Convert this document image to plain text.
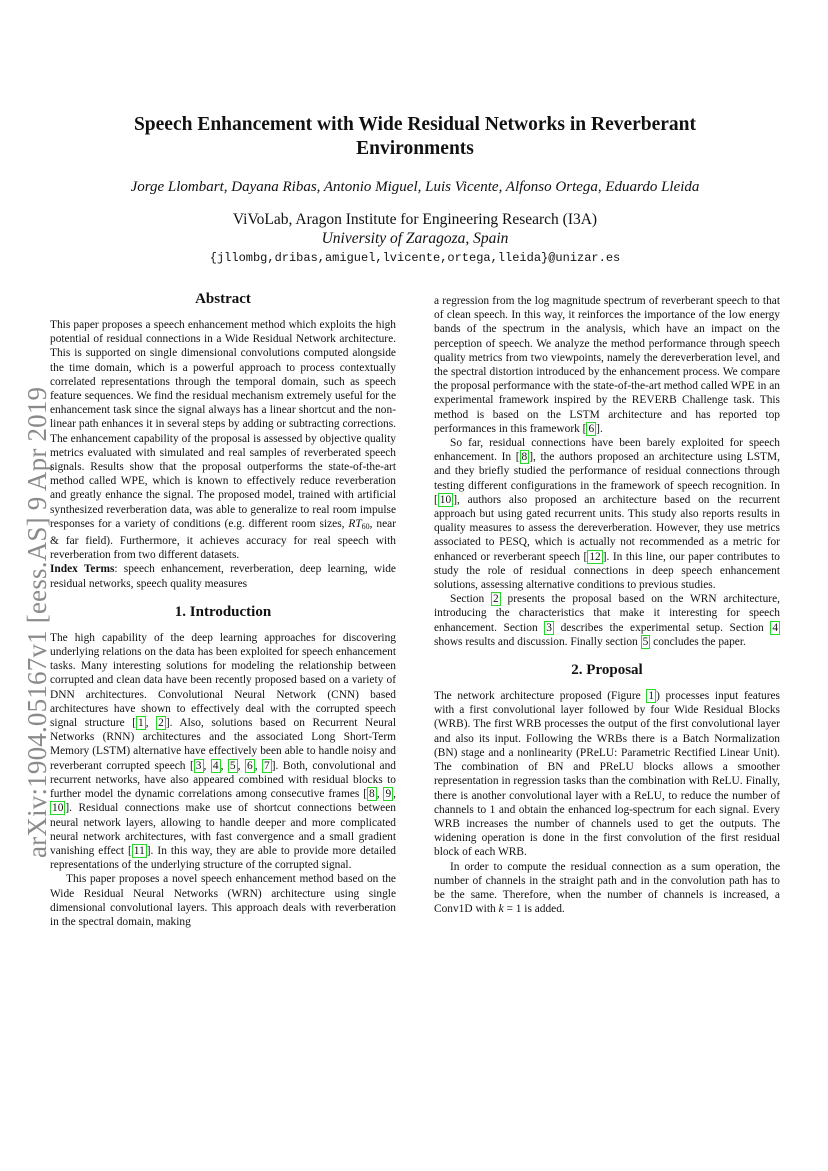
arXiv:1904.05167v1 [eess.AS] 9 Apr 2019
Speech Enhancement with Wide Residual Networks in Reverberant Environments
Jorge Llombart, Dayana Ribas, Antonio Miguel, Luis Vicente, Alfonso Ortega, Eduardo Lleida
ViVoLab, Aragon Institute for Engineering Research (I3A)
University of Zaragoza, Spain
{jllombg,dribas,amiguel,lvicente,ortega,lleida}@unizar.es
Abstract

This paper proposes a speech enhancement method which exploits the high potential of residual connections in a Wide Residual Network architecture. This is supported on single dimensional convolutions computed alongside the time domain, which is a powerful approach to process contextually correlated representations through the temporal domain, such as speech feature sequences. We find the residual mechanism extremely useful for the enhancement task since the signal always has a linear shortcut and the non-linear path enhances it in several steps by adding or subtracting corrections. The enhancement capability of the proposal is assessed by objective quality metrics evaluated with simulated and real samples of reverberated speech signals. Results show that the proposal outperforms the state-of-the-art method called WPE, which is known to effectively reduce reverberation and greatly enhance the signal. The proposed model, trained with artificial synthesized reverberation data, was able to generalize to real room impulse responses for a variety of conditions (e.g. different room sizes, $RT_{60}$, near & far field). Furthermore, it achieves accuracy for real speech with reverberation from two different datasets.

Index Terms: speech enhancement, reverberation, deep learning, wide residual networks, speech quality measures

1. Introduction

The high capability of the deep learning approaches for discovering underlying relations on the data has been exploited for speech enhancement tasks. Many interesting solutions for modeling the relationship between corrupted and clean data have been recently proposed based on a variety of DNN architectures. Convolutional Neural Network (CNN) based architectures have shown to effectively deal with the corrupted speech signal structure [ 1 , 2 ]. Also, solutions based on Recurrent Neural Networks (RNN) architectures and the associated Long Short-Term Memory (LSTM) alternative have effectively been able to handle noisy and reverberant corrupted speech [ 3 , 4 , 5 , 6 , 7 ]. Both, convolutional and recurrent networks, have also appeared combined with residual blocks to further model the dynamic correlations among consecutive frames [ 8 , 9 , 10 ]. Residual connections make use of shortcut connections between neural network layers, allowing to handle deeper and more complicated neural network architectures, with fast convergence and a small gradient vanishing effect [ 11 ]. In this way, they are able to provide more detailed representations of the underlying structure of the corrupted signal.

This paper proposes a novel speech enhancement method based on the Wide Residual Neural Networks (WRN) architecture using single dimensional convolutional layers. This approach deals with reverberation in the spectral domain, making

a regression from the log magnitude spectrum of reverberant speech to that of clean speech. In this way, it reinforces the importance of the low energy bands of the spectrum in the analysis, which have an impact on the perception of speech. We analyze the method performance through speech quality metrics from two viewpoints, namely the dereverberation level, and the spectral distortion introduced by the enhancement process. We compare the proposal performance with the state-of-the-art method called WPE in an experimental framework inspired by the REVERB Challenge task. This method is based on the LSTM architecture and has reported top performances in this framework [ 6 ].

So far, residual connections have been barely exploited for speech enhancement. In [ 8 ], the authors proposed an architecture using LSTM, and they briefly studied the performance of residual connections through testing different configurations in the framework of speech recognition. In [ 10 ], authors also proposed an architecture based on the recurrent approach but using gated recurrent units. This study also reports results in quality measures to assess the dereverberation. However, they use metrics associated to PESQ, which is actually not recommended as a metric for enhanced or reverberant speech [ 12 ]. In this line, our paper contributes to study the role of residual connections in deep speech enhancement solutions, assessing alternative conditions to previous studies.

Section 2 presents the proposal based on the WRN architecture, introducing the characteristics that make it interesting for speech enhancement. Section 3 describes the experimental setup. Section 4 shows results and discussion. Finally section 5 concludes the paper.

2. Proposal

The network architecture proposed (Figure 1 ) processes input features with a first convolutional layer followed by four Wide Residual Blocks (WRB). The first WRB processes the output of the first convolutional layer and also its input. Following the WRBs there is a Batch Normalization (BN) stage and a nonlinearity (PReLU: Parametric Rectified Linear Unit). The combination of BN and PReLU blocks allows a smoother representation in regression tasks than the combination with ReLU. Finally, there is another convolutional layer with a ReLU, to reduce the number of channels to 1 and obtain the enhanced log-spectrum for each signal. Every WRB increases the number of channels used to get the outputs. The widening operation is done in the first convolution of the first residual block of each WRB.

In order to compute the residual connection as a sum operation, the number of channels in the straight path and in the convolution path has to be the same. Therefore, when the number of channels is increased, a Conv1D with k = 1 is added.
